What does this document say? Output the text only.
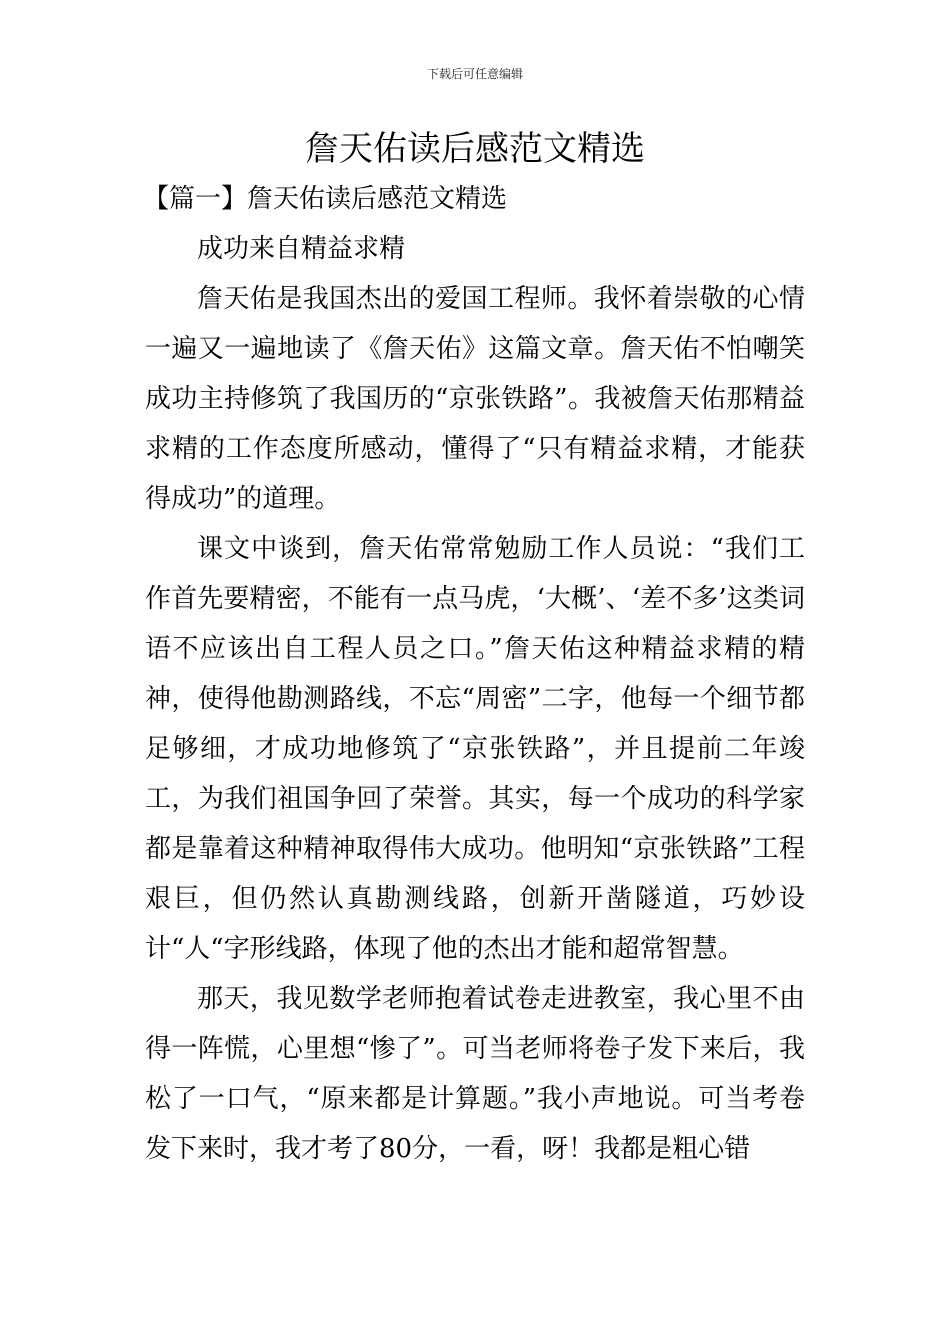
下载后可任意编辑
詹天佑读后感范文精选

【篇一】詹天佑读后感范文精选

成功来自精益求精

詹天佑是我国杰出的爱国工程师。我怀着崇敬的心情一遍又一遍地读了《詹天佑》这篇文章。詹天佑不怕嘲笑成功主持修筑了我国历的“京张铁路”。我被詹天佑那精益求精的工作态度所感动，懂得了“只有精益求精，才能获得成功”的道理。

课文中谈到，詹天佑常常勉励工作人员说：“我们工作首先要精密，不能有一点马虎，‘大概’、‘差不多’这类词语不应该出自工程人员之口。”詹天佑这种精益求精的精神，使得他勘测路线，不忘“周密”二字，他每一个细节都足够细，才成功地修筑了“京张铁路”，并且提前二年竣工，为我们祖国争回了荣誉。其实，每一个成功的科学家都是靠着这种精神取得伟大成功。他明知“京张铁路”工程艰巨，但仍然认真勘测线路，创新开凿隧道，巧妙设计“人“字形线路，体现了他的杰出才能和超常智慧。

那天，我见数学老师抱着试卷走进教室，我心里不由得一阵慌，心里想“惨了”。可当老师将卷子发下来后，我松了一口气，“原来都是计算题。”我小声地说。可当考卷发下来时，我才考了80分，一看，呀！我都是粗心错
